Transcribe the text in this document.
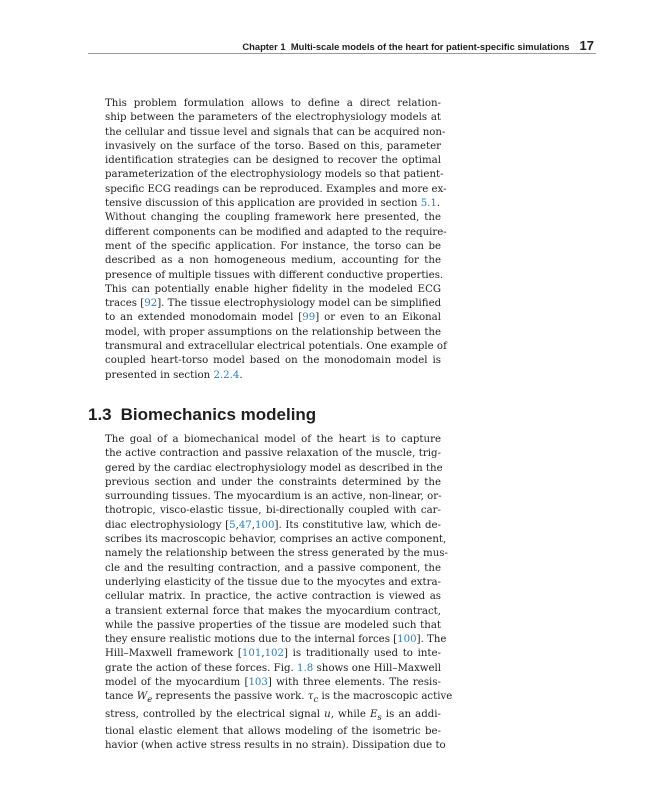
Chapter 1 Multi-scale models of the heart for patient-specific simulations 17

This problem formulation allows to define a direct relation-
ship between the parameters of the electrophysiology models at
the cellular and tissue level and signals that can be acquired non-
invasively on the surface of the torso. Based on this, parameter
identification strategies can be designed to recover the optimal
parameterization of the electrophysiology models so that patient-
specific ECG readings can be reproduced. Examples and more ex-
tensive discussion of this application are provided in section 5.1.

Without changing the coupling framework here presented, the
different components can be modified and adapted to the require-
ment of the specific application. For instance, the torso can be
described as a non homogeneous medium, accounting for the
presence of multiple tissues with different conductive properties.
This can potentially enable higher fidelity in the modeled ECG
traces [92]. The tissue electrophysiology model can be simplified
to an extended monodomain model [99] or even to an Eikonal
model, with proper assumptions on the relationship between the
transmural and extracellular electrical potentials. One example of
coupled heart-torso model based on the monodomain model is
presented in section 2.2.4.

1.3 Biomechanics modeling

The goal of a biomechanical model of the heart is to capture
the active contraction and passive relaxation of the muscle, trig-
gered by the cardiac electrophysiology model as described in the
previous section and under the constraints determined by the
surrounding tissues. The myocardium is an active, non-linear, or-
thotropic, visco-elastic tissue, bi-directionally coupled with car-
diac electrophysiology [5,47,100]. Its constitutive law, which de-
scribes its macroscopic behavior, comprises an active component,
namely the relationship between the stress generated by the mus-
cle and the resulting contraction, and a passive component, the
underlying elasticity of the tissue due to the myocytes and extra-
cellular matrix. In practice, the active contraction is viewed as
a transient external force that makes the myocardium contract,
while the passive properties of the tissue are modeled such that
they ensure realistic motions due to the internal forces [100]. The
Hill–Maxwell framework [101,102] is traditionally used to inte-
grate the action of these forces. Fig. 1.8 shows one Hill–Maxwell
model of the myocardium [103] with three elements. The resis-
tance $W_e$ represents the passive work. $\tau_c$ is the macroscopic active
stress, controlled by the electrical signal u, while $E_s$ is an addi-
tional elastic element that allows modeling of the isometric be-
havior (when active stress results in no strain). Dissipation due to
